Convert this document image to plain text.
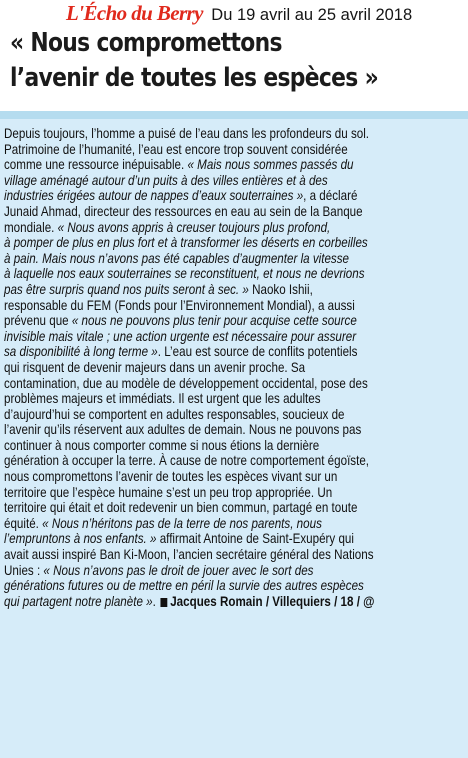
L'Écho du Berry Du 19 avril au 25 avril 2018
« Nous compromettons
l’avenir de toutes les espèces »
Depuis toujours, l’homme a puisé de l’eau dans les profondeurs du sol.
Patrimoine de l’humanité, l’eau est encore trop souvent considérée
comme une ressource inépuisable. « Mais nous sommes passés du
village aménagé autour d’un puits à des villes entières et à des
industries érigées autour de nappes d’eaux souterraines », a déclaré
Junaid Ahmad, directeur des ressources en eau au sein de la Banque
mondiale. « Nous avons appris à creuser toujours plus profond,
à pomper de plus en plus fort et à transformer les déserts en corbeilles
à pain. Mais nous n’avons pas été capables d’augmenter la vitesse
à laquelle nos eaux souterraines se reconstituent, et nous ne devrions
pas être surpris quand nos puits seront à sec. » Naoko Ishii,
responsable du FEM (Fonds pour l’Environnement Mondial), a aussi
prévenu que « nous ne pouvons plus tenir pour acquise cette source
invisible mais vitale ; une action urgente est nécessaire pour assurer
sa disponibilité à long terme ». L’eau est source de conflits potentiels
qui risquent de devenir majeurs dans un avenir proche. Sa
contamination, due au modèle de développement occidental, pose des
problèmes majeurs et immédiats. Il est urgent que les adultes
d’aujourd’hui se comportent en adultes responsables, soucieux de
l’avenir qu’ils réservent aux adultes de demain. Nous ne pouvons pas
continuer à nous comporter comme si nous étions la dernière
génération à occuper la terre. À cause de notre comportement égoïste,
nous compromettons l’avenir de toutes les espèces vivant sur un
territoire que l’espèce humaine s’est un peu trop appropriée. Un
territoire qui était et doit redevenir un bien commun, partagé en toute
équité. « Nous n’héritons pas de la terre de nos parents, nous
l’empruntons à nos enfants. » affirmait Antoine de Saint-Exupéry qui
avait aussi inspiré Ban Ki-Moon, l’ancien secrétaire général des Nations
Unies : « Nous n’avons pas le droit de jouer avec le sort des
générations futures ou de mettre en péril la survie des autres espèces
qui partagent notre planète ». Jacques Romain / Villequiers / 18 / @
